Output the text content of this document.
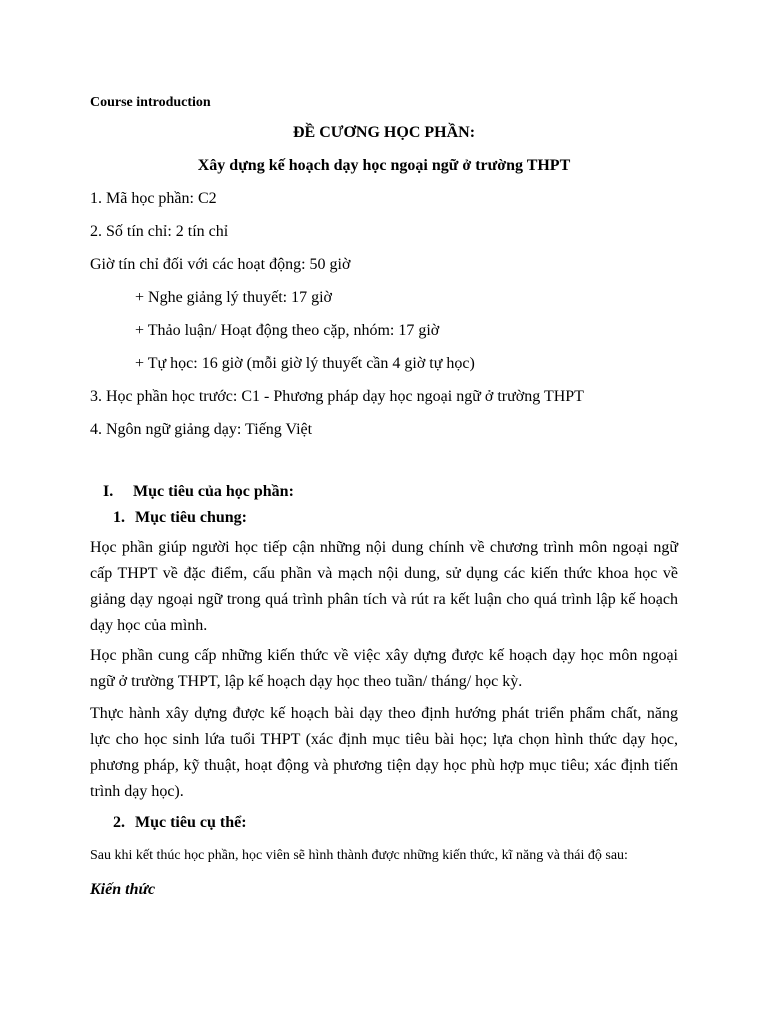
Course introduction
ĐỀ CƯƠNG HỌC PHẦN:
Xây dựng kế hoạch dạy học ngoại ngữ ở trường THPT
1. Mã học phần: C2
2. Số tín chỉ: 2 tín chỉ
Giờ tín chỉ đối với các hoạt động: 50 giờ
+ Nghe giảng lý thuyết: 17 giờ
+ Thảo luận/ Hoạt động theo cặp, nhóm: 17 giờ
+ Tự học: 16 giờ (mỗi giờ lý thuyết cần 4 giờ tự học)
3. Học phần học trước: C1 - Phương pháp dạy học ngoại ngữ ở trường THPT
4. Ngôn ngữ giảng dạy: Tiếng Việt
I. Mục tiêu của học phần:
1. Mục tiêu chung:
Học phần giúp người học tiếp cận những nội dung chính về chương trình môn ngoại ngữ cấp THPT về đặc điểm, cấu phần và mạch nội dung, sử dụng các kiến thức khoa học về giảng dạy ngoại ngữ trong quá trình phân tích và rút ra kết luận cho quá trình lập kế hoạch dạy học của mình.
Học phần cung cấp những kiến thức về việc xây dựng được kế hoạch dạy học môn ngoại ngữ ở trường THPT, lập kế hoạch dạy học theo tuần/ tháng/ học kỳ.
Thực hành xây dựng được kế hoạch bài dạy theo định hướng phát triển phẩm chất, năng lực cho học sinh lứa tuổi THPT (xác định mục tiêu bài học; lựa chọn hình thức dạy học, phương pháp, kỹ thuật, hoạt động và phương tiện dạy học phù hợp mục tiêu; xác định tiến trình dạy học).
2. Mục tiêu cụ thể:
Sau khi kết thúc học phần, học viên sẽ hình thành được những kiến thức, kĩ năng và thái độ sau:
Kiến thức
